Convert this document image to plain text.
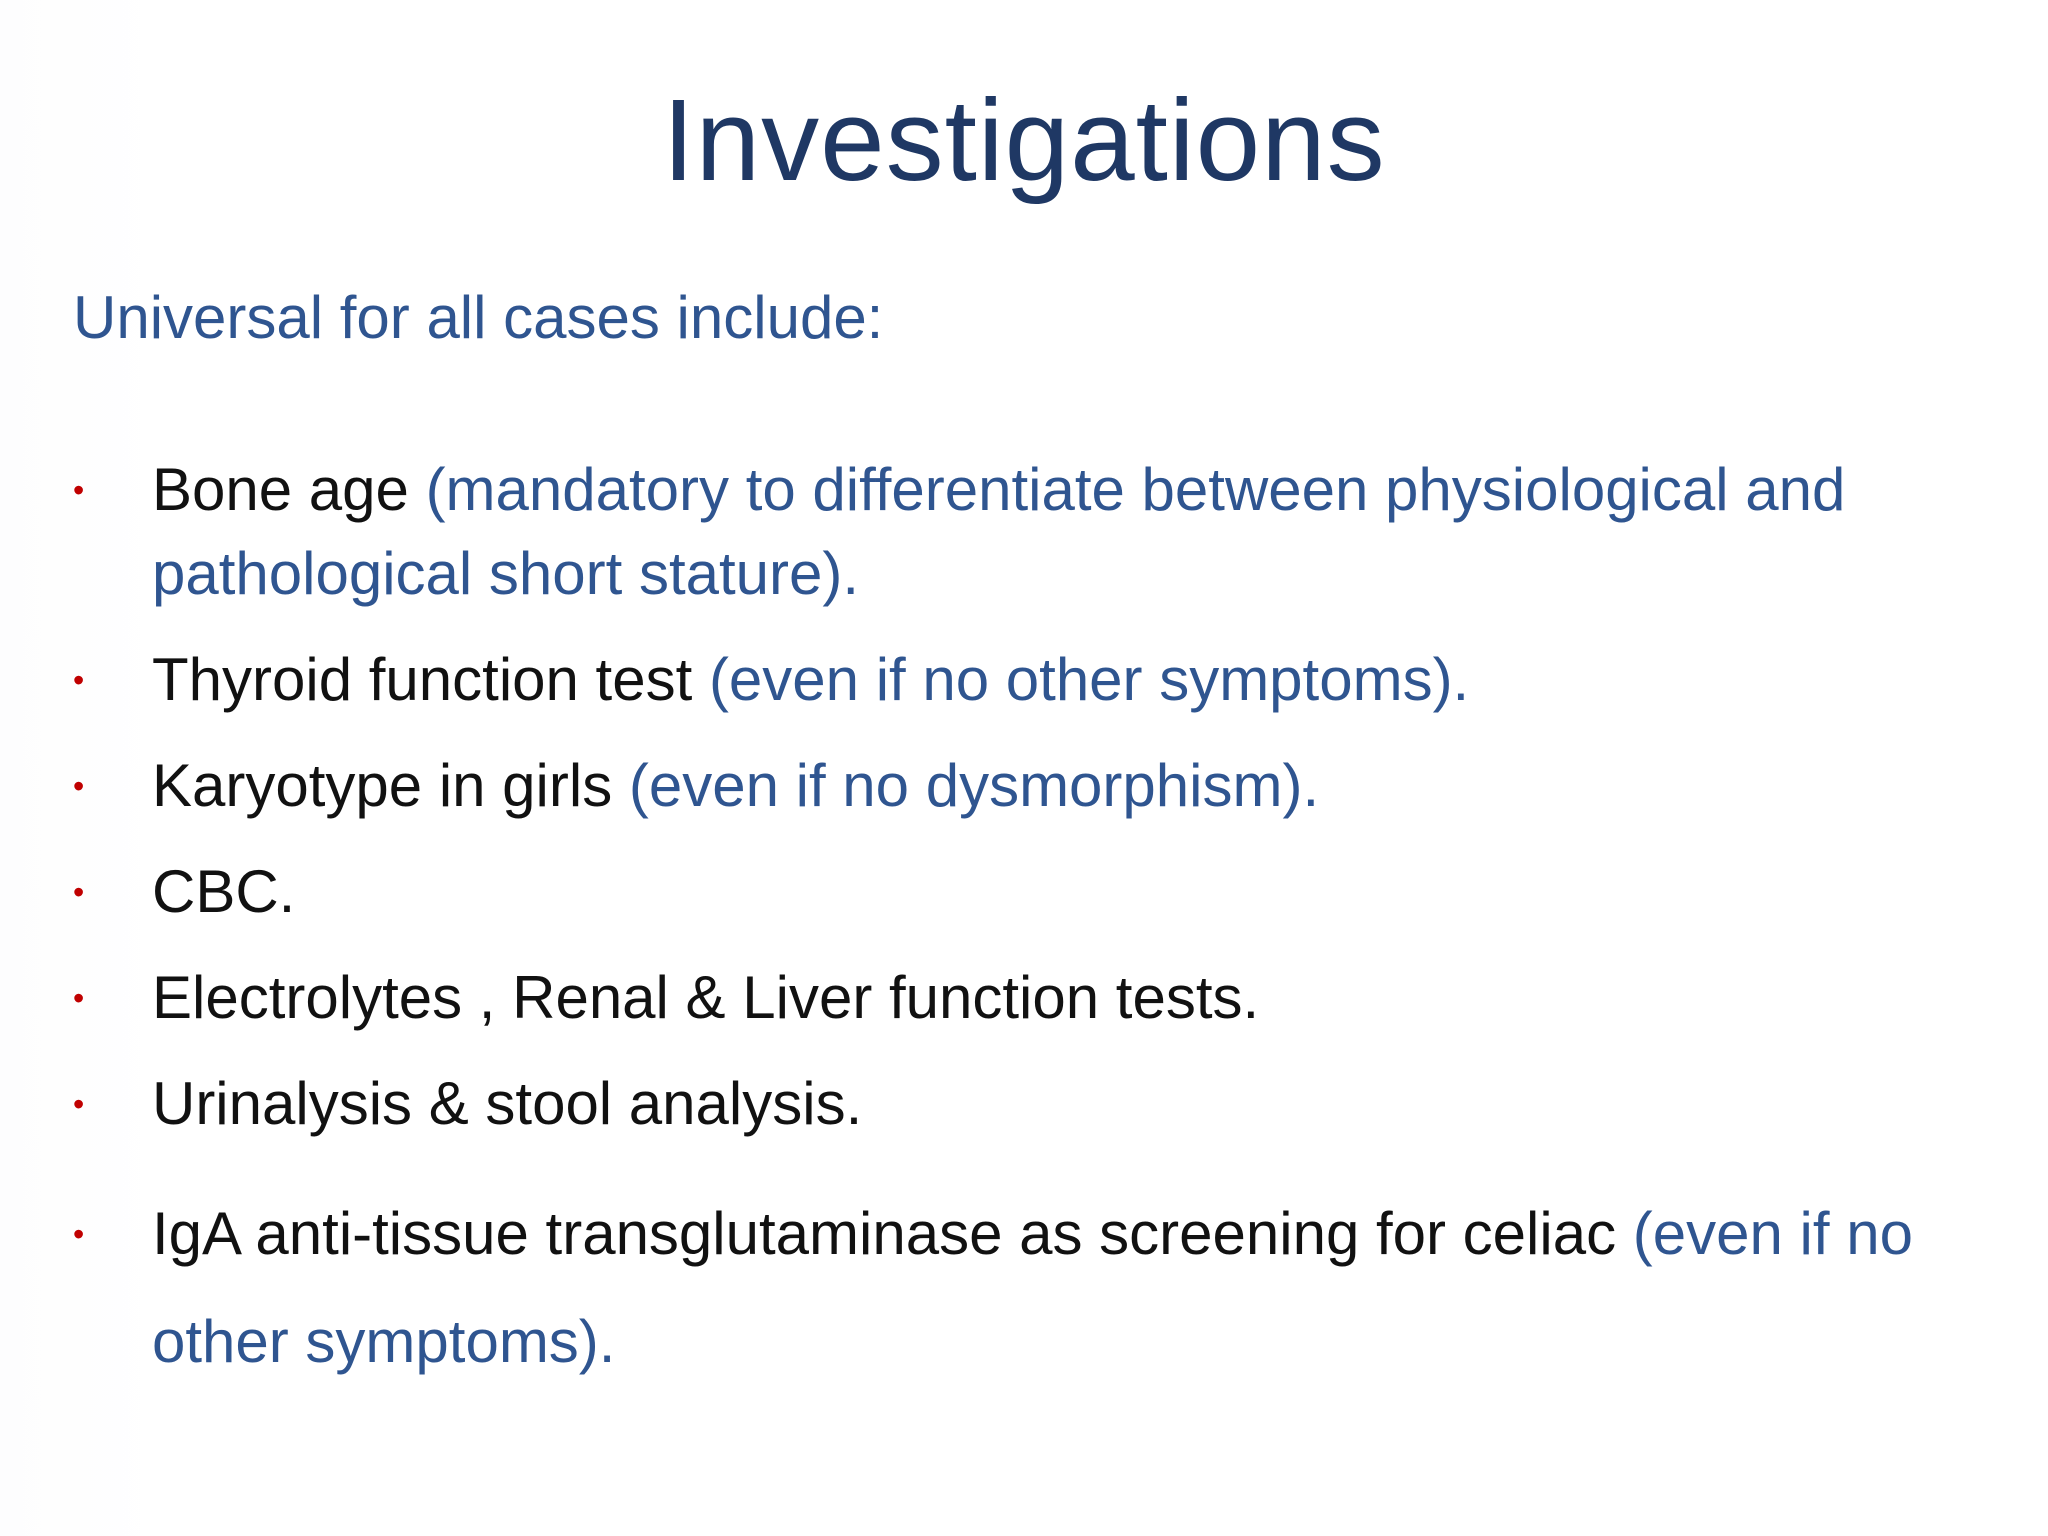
Investigations

Universal for all cases include:

• Bone age (mandatory to differentiate between physiological and pathological short stature).
• Thyroid function test (even if no other symptoms).
• Karyotype in girls (even if no dysmorphism).
• CBC.
• Electrolytes , Renal & Liver function tests.
• Urinalysis & stool analysis.
• IgA anti-tissue transglutaminase as screening for celiac (even if no other symptoms).
